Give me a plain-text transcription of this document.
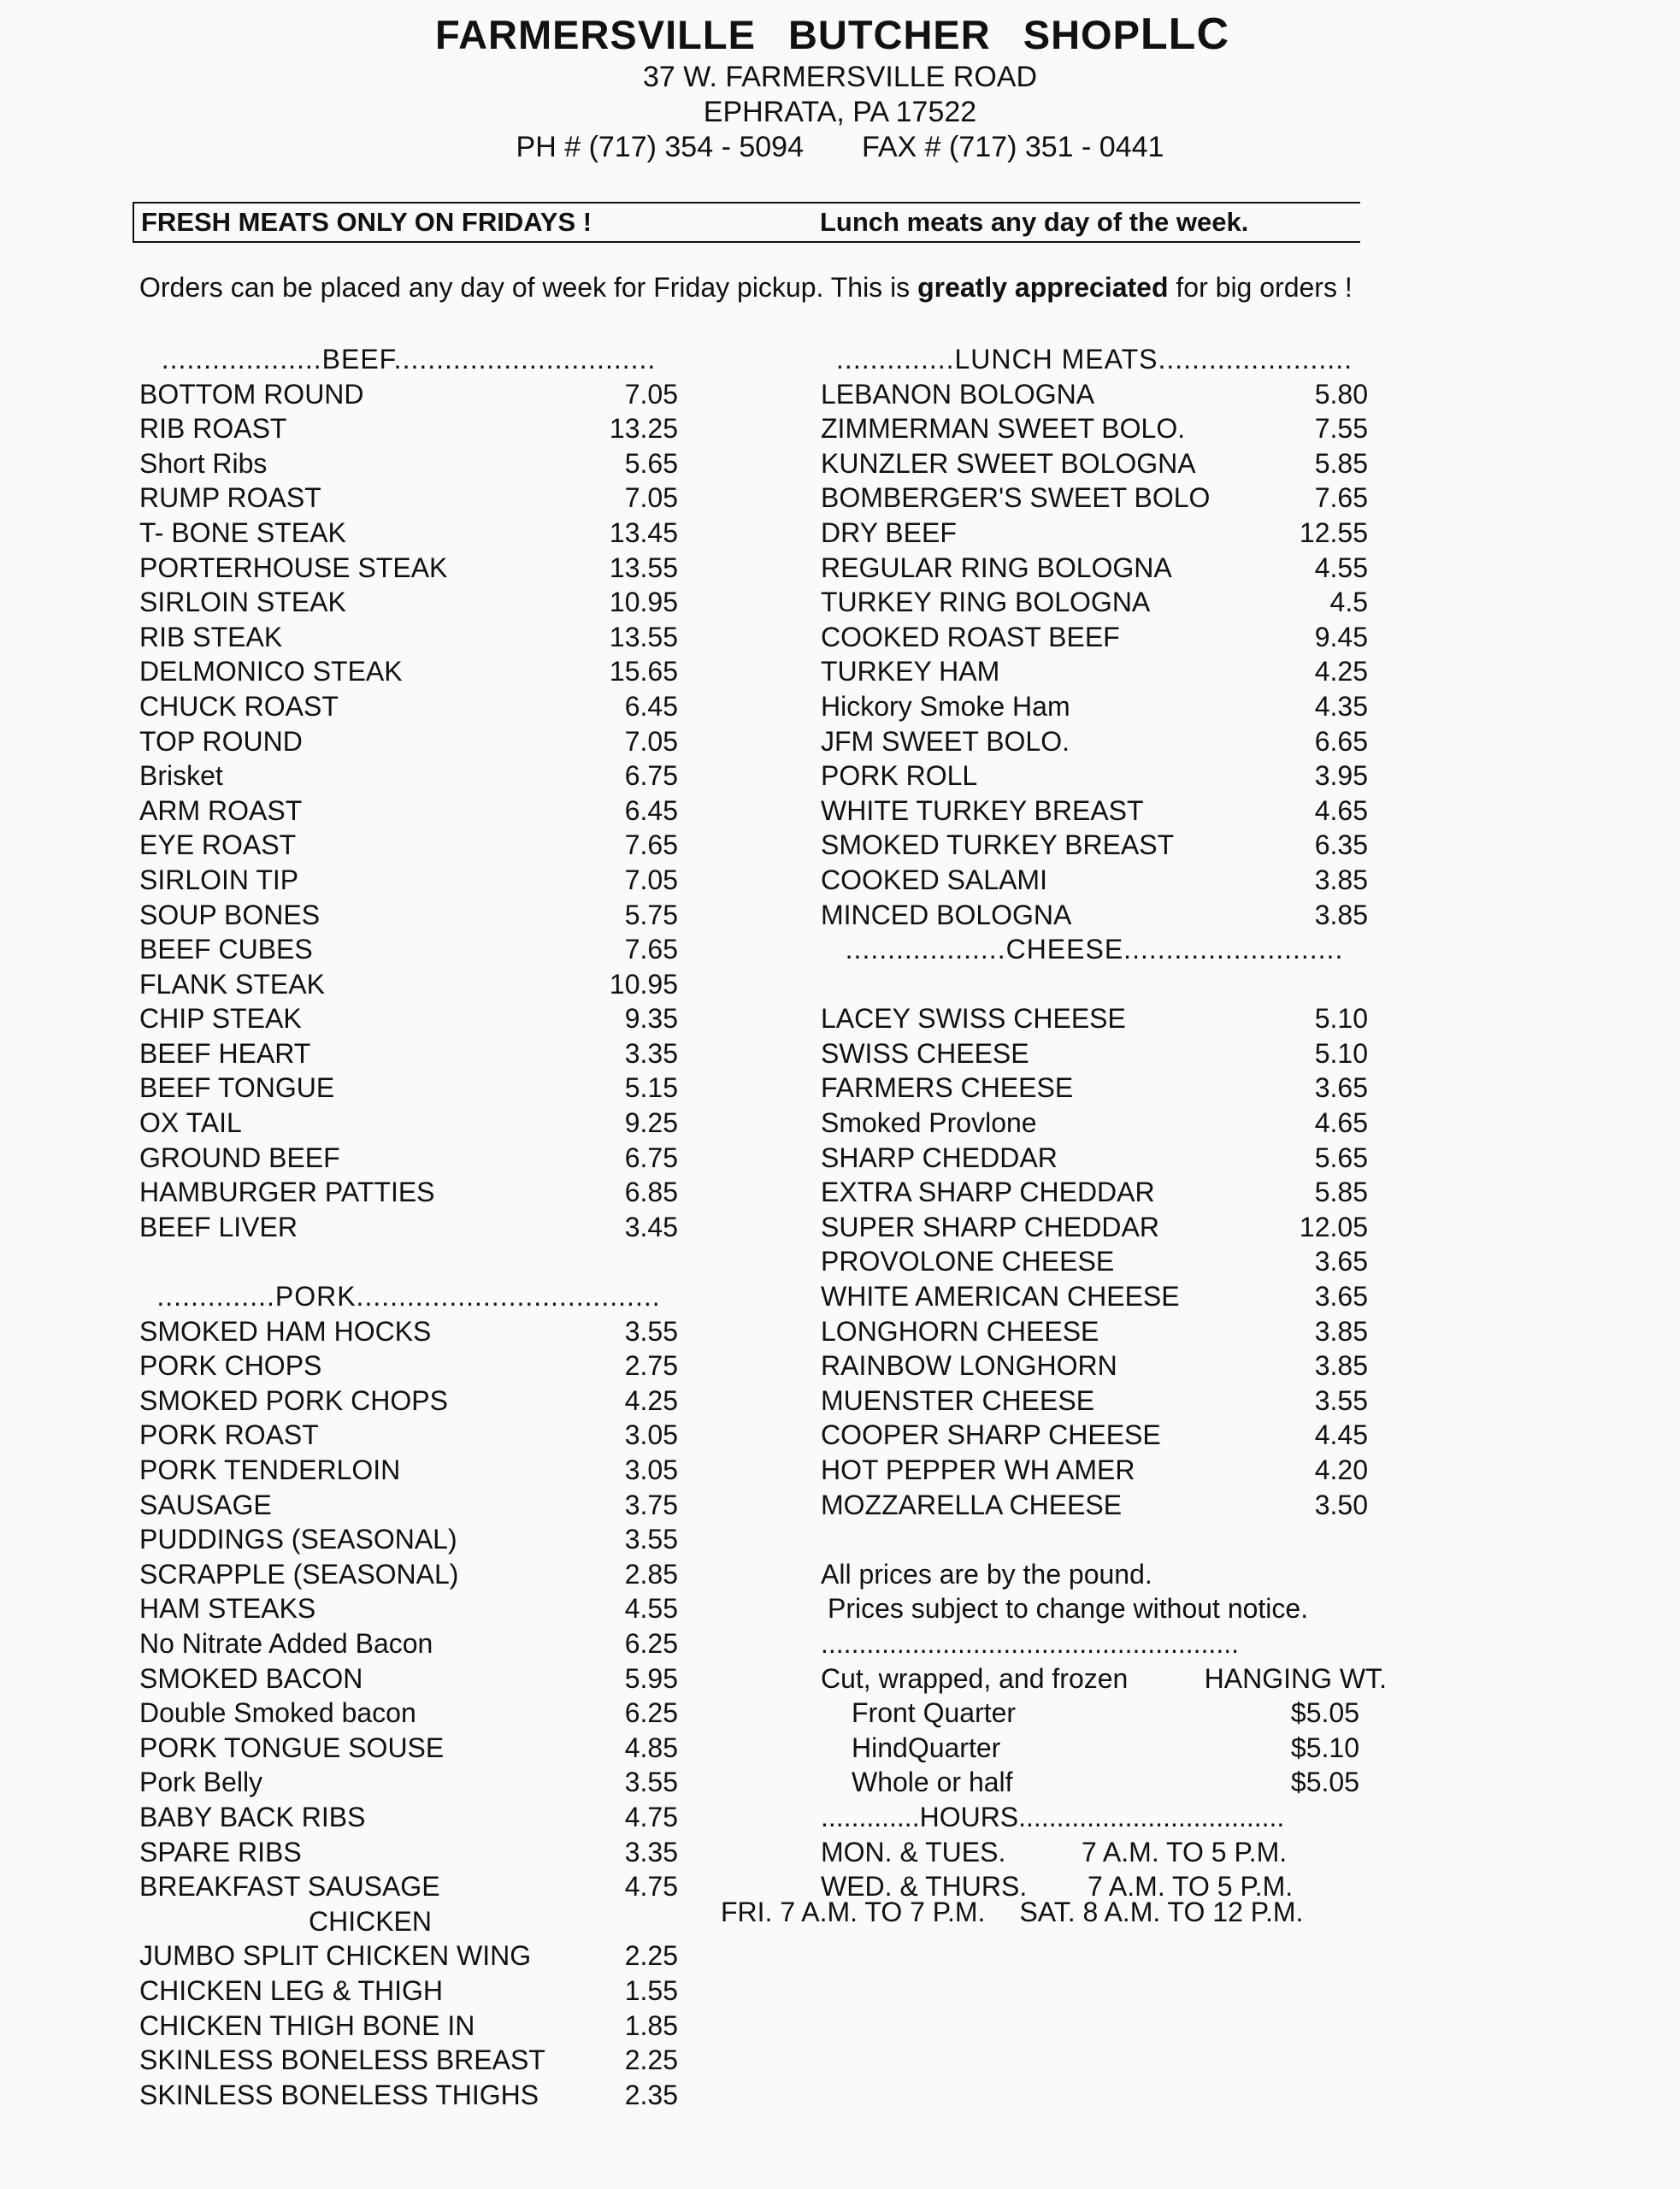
FARMERSVILLE BUTCHER SHOPLLC
37 W. FARMERSVILLE ROAD
EPHRATA, PA 17522
PH # (717) 354 - 5094 FAX # (717) 351 - 0441
FRESH MEATS ONLY ON FRIDAYS !	Lunch meats any day of the week.
Orders can be placed any day of week for Friday pickup. This is greatly appreciated for big orders !
...................BEEF...............................
BOTTOM ROUND	7.05
RIB ROAST	13.25
Short Ribs	5.65
RUMP ROAST	7.05
T- BONE STEAK	13.45
PORTERHOUSE STEAK	13.55
SIRLOIN STEAK	10.95
RIB STEAK	13.55
DELMONICO STEAK	15.65
CHUCK ROAST	6.45
TOP ROUND	7.05
Brisket	6.75
ARM ROAST	6.45
EYE ROAST	7.65
SIRLOIN TIP	7.05
SOUP BONES	5.75
BEEF CUBES	7.65
FLANK STEAK	10.95
CHIP STEAK	9.35
BEEF HEART	3.35
BEEF TONGUE	5.15
OX TAIL	9.25
GROUND BEEF	6.75
HAMBURGER PATTIES	6.85
BEEF LIVER	3.45
..............PORK....................................
SMOKED HAM HOCKS	3.55
PORK CHOPS	2.75
SMOKED PORK CHOPS	4.25
PORK ROAST	3.05
PORK TENDERLOIN	3.05
SAUSAGE	3.75
PUDDINGS (SEASONAL)	3.55
SCRAPPLE (SEASONAL)	2.85
HAM STEAKS	4.55
No Nitrate Added Bacon	6.25
SMOKED BACON	5.95
Double Smoked bacon	6.25
PORK TONGUE SOUSE	4.85
Pork Belly	3.55
BABY BACK RIBS	4.75
SPARE RIBS	3.35
BREAKFAST SAUSAGE	4.75
CHICKEN
JUMBO SPLIT CHICKEN WING	2.25
CHICKEN LEG & THIGH	1.55
CHICKEN THIGH BONE IN	1.85
SKINLESS BONELESS BREAST	2.25
SKINLESS BONELESS THIGHS	2.35
..............LUNCH MEATS.......................
LEBANON BOLOGNA	5.80
ZIMMERMAN SWEET BOLO.	7.55
KUNZLER SWEET BOLOGNA	5.85
BOMBERGER'S SWEET BOLO	7.65
DRY BEEF	12.55
REGULAR RING BOLOGNA	4.55
TURKEY RING BOLOGNA	4.5
COOKED ROAST BEEF	9.45
TURKEY HAM	4.25
Hickory Smoke Ham	4.35
JFM SWEET BOLO.	6.65
PORK ROLL	3.95
WHITE TURKEY BREAST	4.65
SMOKED TURKEY BREAST	6.35
COOKED SALAMI	3.85
MINCED BOLOGNA	3.85
...................CHEESE..........................
LACEY SWISS CHEESE	5.10
SWISS CHEESE	5.10
FARMERS CHEESE	3.65
Smoked Provlone	4.65
SHARP CHEDDAR	5.65
EXTRA SHARP CHEDDAR	5.85
SUPER SHARP CHEDDAR	12.05
PROVOLONE CHEESE	3.65
WHITE AMERICAN CHEESE	3.65
LONGHORN CHEESE	3.85
RAINBOW LONGHORN	3.85
MUENSTER CHEESE	3.55
COOPER SHARP CHEESE	4.45
HOT PEPPER WH AMER	4.20
MOZZARELLA CHEESE	3.50
All prices are by the pound.
Prices subject to change without notice.
.......................................................
Cut, wrapped, and frozen	HANGING WT.
Front Quarter	$5.05
HindQuarter	$5.10
Whole or half	$5.05
.............HOURS...................................
MON. & TUES.	7 A.M. TO 5 P.M.
WED. & THURS. 7 A.M. TO 5 P.M.
FRI. 7 A.M. TO 7 P.M. SAT. 8 A.M. TO 12 P.M.
